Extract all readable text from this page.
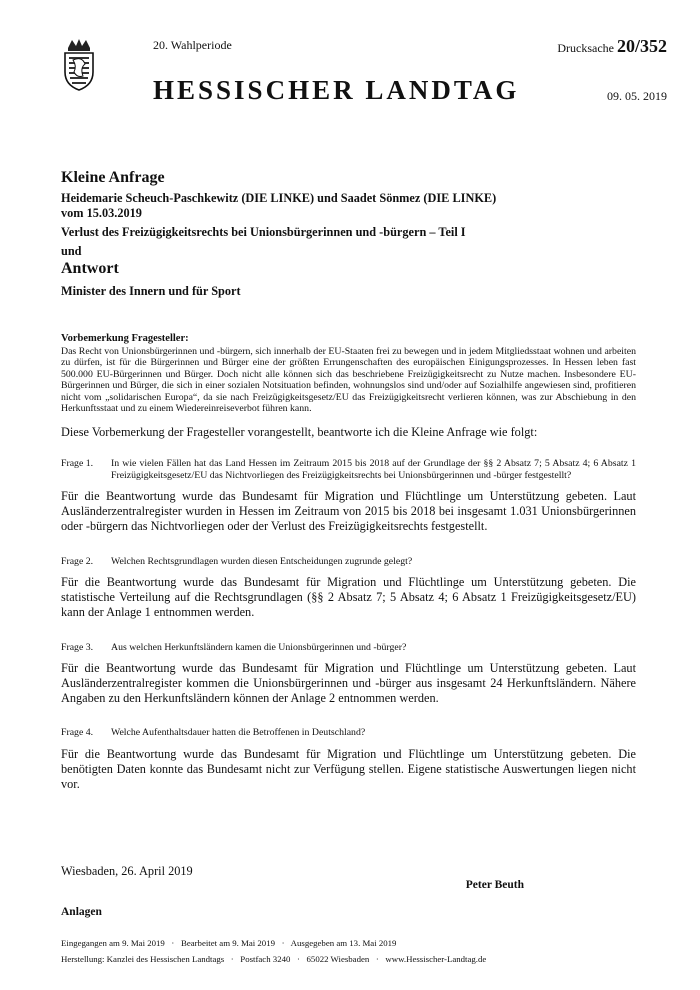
20. Wahlperiode	Drucksache 20/352
HESSISCHER LANDTAG	09. 05. 2019
Kleine Anfrage
Heidemarie Scheuch-Paschkewitz (DIE LINKE) und Saadet Sönmez (DIE LINKE)
vom 15.03.2019
Verlust des Freizügigkeitsrechts bei Unionsbürgerinnen und -bürgern – Teil I
und
Antwort
Minister des Innern und für Sport
Vorbemerkung Fragesteller:
Das Recht von Unionsbürgerinnen und -bürgern, sich innerhalb der EU-Staaten frei zu bewegen und in jedem Mitgliedsstaat wohnen und arbeiten zu dürfen, ist für die Bürgerinnen und Bürger eine der größten Errungenschaften des europäischen Einigungsprozesses. In Hessen leben fast 500.000 EU-Bürgerinnen und Bürger. Doch nicht alle können sich das beschriebene Freizügigkeitsrecht zu Nutze machen. Insbesondere EU-Bürgerinnen und Bürger, die sich in einer sozialen Notsituation befinden, wohnungslos sind und/oder auf Sozialhilfe angewiesen sind, profitieren nicht vom „solidarischen Europa“, da sie nach Freizügigkeitsgesetz/EU das Freizügigkeitsrecht verlieren können, was zur Abschiebung in den Herkunftsstaat und zu einem Wiedereinreiseverbot führen kann.
Diese Vorbemerkung der Fragesteller vorangestellt, beantworte ich die Kleine Anfrage wie folgt:
Frage 1.	In wie vielen Fällen hat das Land Hessen im Zeitraum 2015 bis 2018 auf der Grundlage der §§ 2 Absatz 7; 5 Absatz 4; 6 Absatz 1 Freizügigkeitsgesetz/EU das Nichtvorliegen des Freizügigkeitsrechts bei Unionsbürgerinnen und -bürger festgestellt?
Für die Beantwortung wurde das Bundesamt für Migration und Flüchtlinge um Unterstützung gebeten. Laut Ausländerzentralregister wurden in Hessen im Zeitraum von 2015 bis 2018 bei insgesamt 1.031 Unionsbürgerinnen oder -bürgern das Nichtvorliegen oder der Verlust des Freizügigkeitsrechts festgestellt.
Frage 2.	Welchen Rechtsgrundlagen wurden diesen Entscheidungen zugrunde gelegt?
Für die Beantwortung wurde das Bundesamt für Migration und Flüchtlinge um Unterstützung gebeten. Die statistische Verteilung auf die Rechtsgrundlagen (§§ 2 Absatz 7; 5 Absatz 4; 6 Absatz 1 Freizügigkeitsgesetz/EU) kann der Anlage 1 entnommen werden.
Frage 3.	Aus welchen Herkunftsländern kamen die Unionsbürgerinnen und -bürger?
Für die Beantwortung wurde das Bundesamt für Migration und Flüchtlinge um Unterstützung gebeten. Laut Ausländerzentralregister kommen die Unionsbürgerinnen und -bürger aus insgesamt 24 Herkunftsländern. Nähere Angaben zu den Herkunftsländern können der Anlage 2 entnommen werden.
Frage 4.	Welche Aufenthaltsdauer hatten die Betroffenen in Deutschland?
Für die Beantwortung wurde das Bundesamt für Migration und Flüchtlinge um Unterstützung gebeten. Die benötigten Daten konnte das Bundesamt nicht zur Verfügung stellen. Eigene statistische Auswertungen liegen nicht vor.
Wiesbaden, 26. April 2019
Peter Beuth
Anlagen
Eingegangen am 9. Mai 2019   ·   Bearbeitet am 9. Mai 2019   ·   Ausgegeben am 13. Mai 2019
Herstellung: Kanzlei des Hessischen Landtags   ·   Postfach 3240   ·   65022 Wiesbaden   ·   www.Hessischer-Landtag.de
